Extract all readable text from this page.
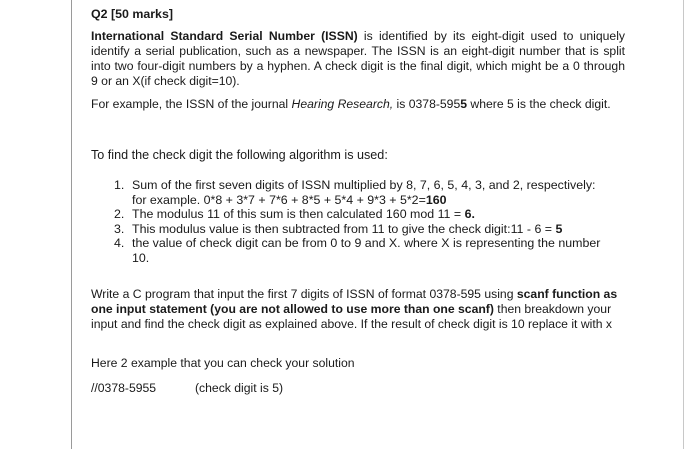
Q2 [50 marks]

International Standard Serial Number (ISSN) is identified by its eight-digit used to uniquely identify a serial publication, such as a newspaper. The ISSN is an eight-digit number that is split into two four-digit numbers by a hyphen. A check digit is the final digit, which might be a 0 through 9 or an X(if check digit=10).

For example, the ISSN of the journal Hearing Research, is 0378-5955 where 5 is the check digit.

To find the check digit the following algorithm is used:

1. Sum of the first seven digits of ISSN multiplied by 8, 7, 6, 5, 4, 3, and 2, respectively: for example. 0*8 + 3*7 + 7*6 + 8*5 + 5*4 + 9*3 + 5*2=160
2. The modulus 11 of this sum is then calculated 160 mod 11 = 6.
3. This modulus value is then subtracted from 11 to give the check digit:11 - 6 = 5
4. the value of check digit can be from 0 to 9 and X. where X is representing the number 10.

Write a C program that input the first 7 digits of ISSN of format 0378-595 using scanf function as one input statement (you are not allowed to use more than one scanf) then breakdown your input and find the check digit as explained above. If the result of check digit is 10 replace it with x

Here 2 example that you can check your solution

//0378-5955	(check digit is 5)
